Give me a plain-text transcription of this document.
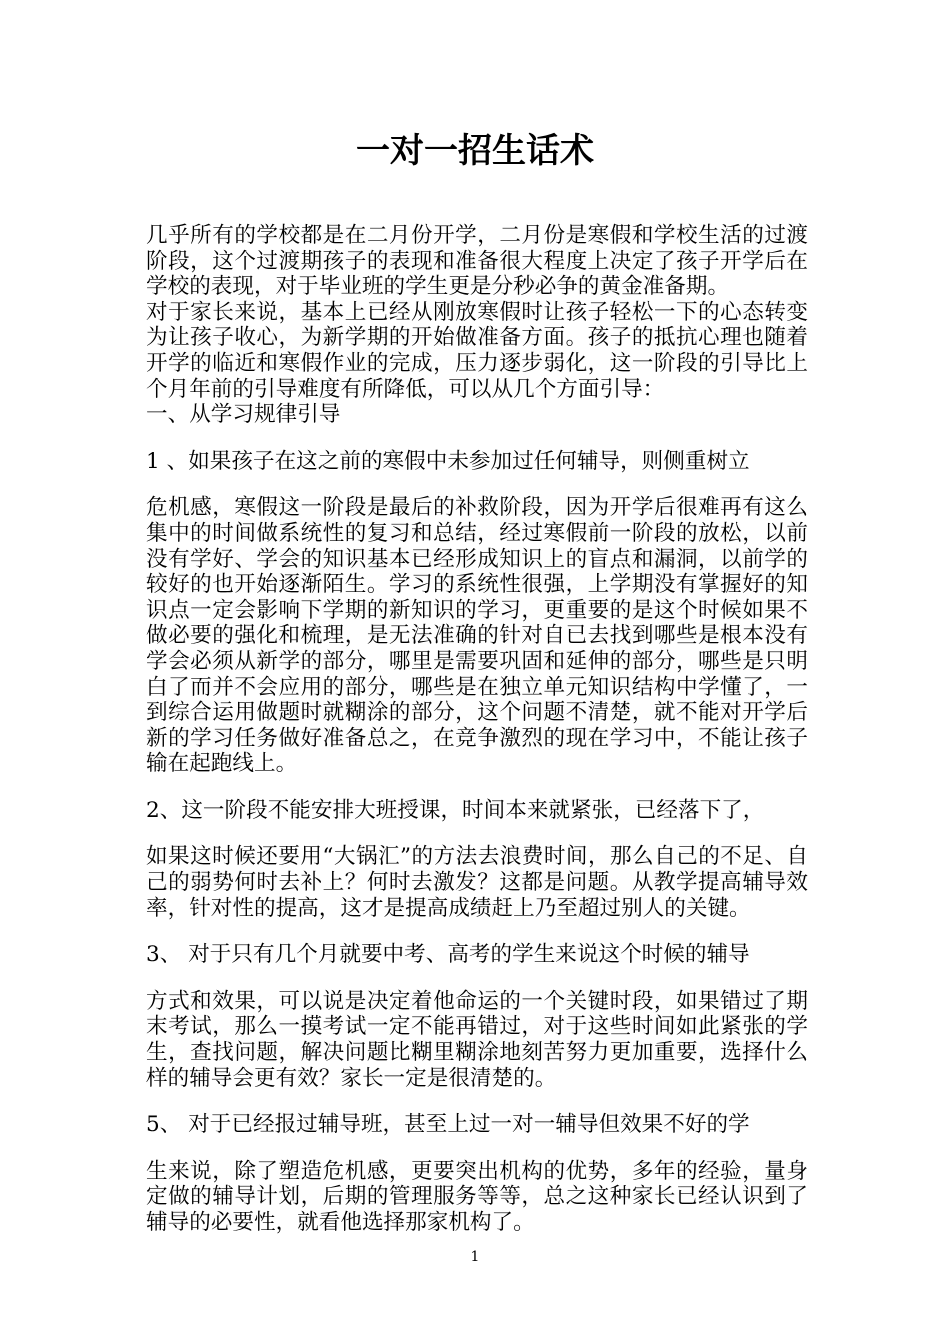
一对一招生话术

几乎所有的学校都是在二月份开学，二月份是寒假和学校生活的过渡阶段，这个过渡期孩子的表现和准备很大程度上决定了孩子开学后在学校的表现，对于毕业班的学生更是分秒必争的黄金准备期。

对于家长来说，基本上已经从刚放寒假时让孩子轻松一下的心态转变为让孩子收心，为新学期的开始做准备方面。孩子的抵抗心理也随着开学的临近和寒假作业的完成，压力逐步弱化，这一阶段的引导比上个月年前的引导难度有所降低，可以从几个方面引导：

一、从学习规律引导

1 、如果孩子在这之前的寒假中未参加过任何辅导，则侧重树立

危机感，寒假这一阶段是最后的补救阶段，因为开学后很难再有这么集中的时间做系统性的复习和总结，经过寒假前一阶段的放松，以前没有学好、学会的知识基本已经形成知识上的盲点和漏洞，以前学的较好的也开始逐渐陌生。学习的系统性很强，上学期没有掌握好的知识点一定会影响下学期的新知识的学习，更重要的是这个时候如果不做必要的强化和梳理，是无法准确的针对自已去找到哪些是根本没有学会必须从新学的部分，哪里是需要巩固和延伸的部分，哪些是只明白了而并不会应用的部分，哪些是在独立单元知识结构中学懂了，一到综合运用做题时就糊涂的部分，这个问题不清楚，就不能对开学后新的学习任务做好准备总之，在竞争激烈的现在学习中，不能让孩子输在起跑线上。

2、这一阶段不能安排大班授课，时间本来就紧张，已经落下了，

如果这时候还要用“大锅汇”的方法去浪费时间，那么自己的不足、自己的弱势何时去补上？何时去激发？这都是问题。从教学提高辅导效率，针对性的提高，这才是提高成绩赶上乃至超过别人的关键。

3、 对于只有几个月就要中考、高考的学生来说这个时候的辅导

方式和效果，可以说是决定着他命运的一个关键时段，如果错过了期末考试，那么一摸考试一定不能再错过，对于这些时间如此紧张的学生，查找问题，解决问题比糊里糊涂地刻苦努力更加重要，选择什么样的辅导会更有效？家长一定是很清楚的。

5、 对于已经报过辅导班，甚至上过一对一辅导但效果不好的学

生来说，除了塑造危机感，更要突出机构的优势，多年的经验，量身定做的辅导计划，后期的管理服务等等，总之这种家长已经认识到了辅导的必要性，就看他选择那家机构了。

1
